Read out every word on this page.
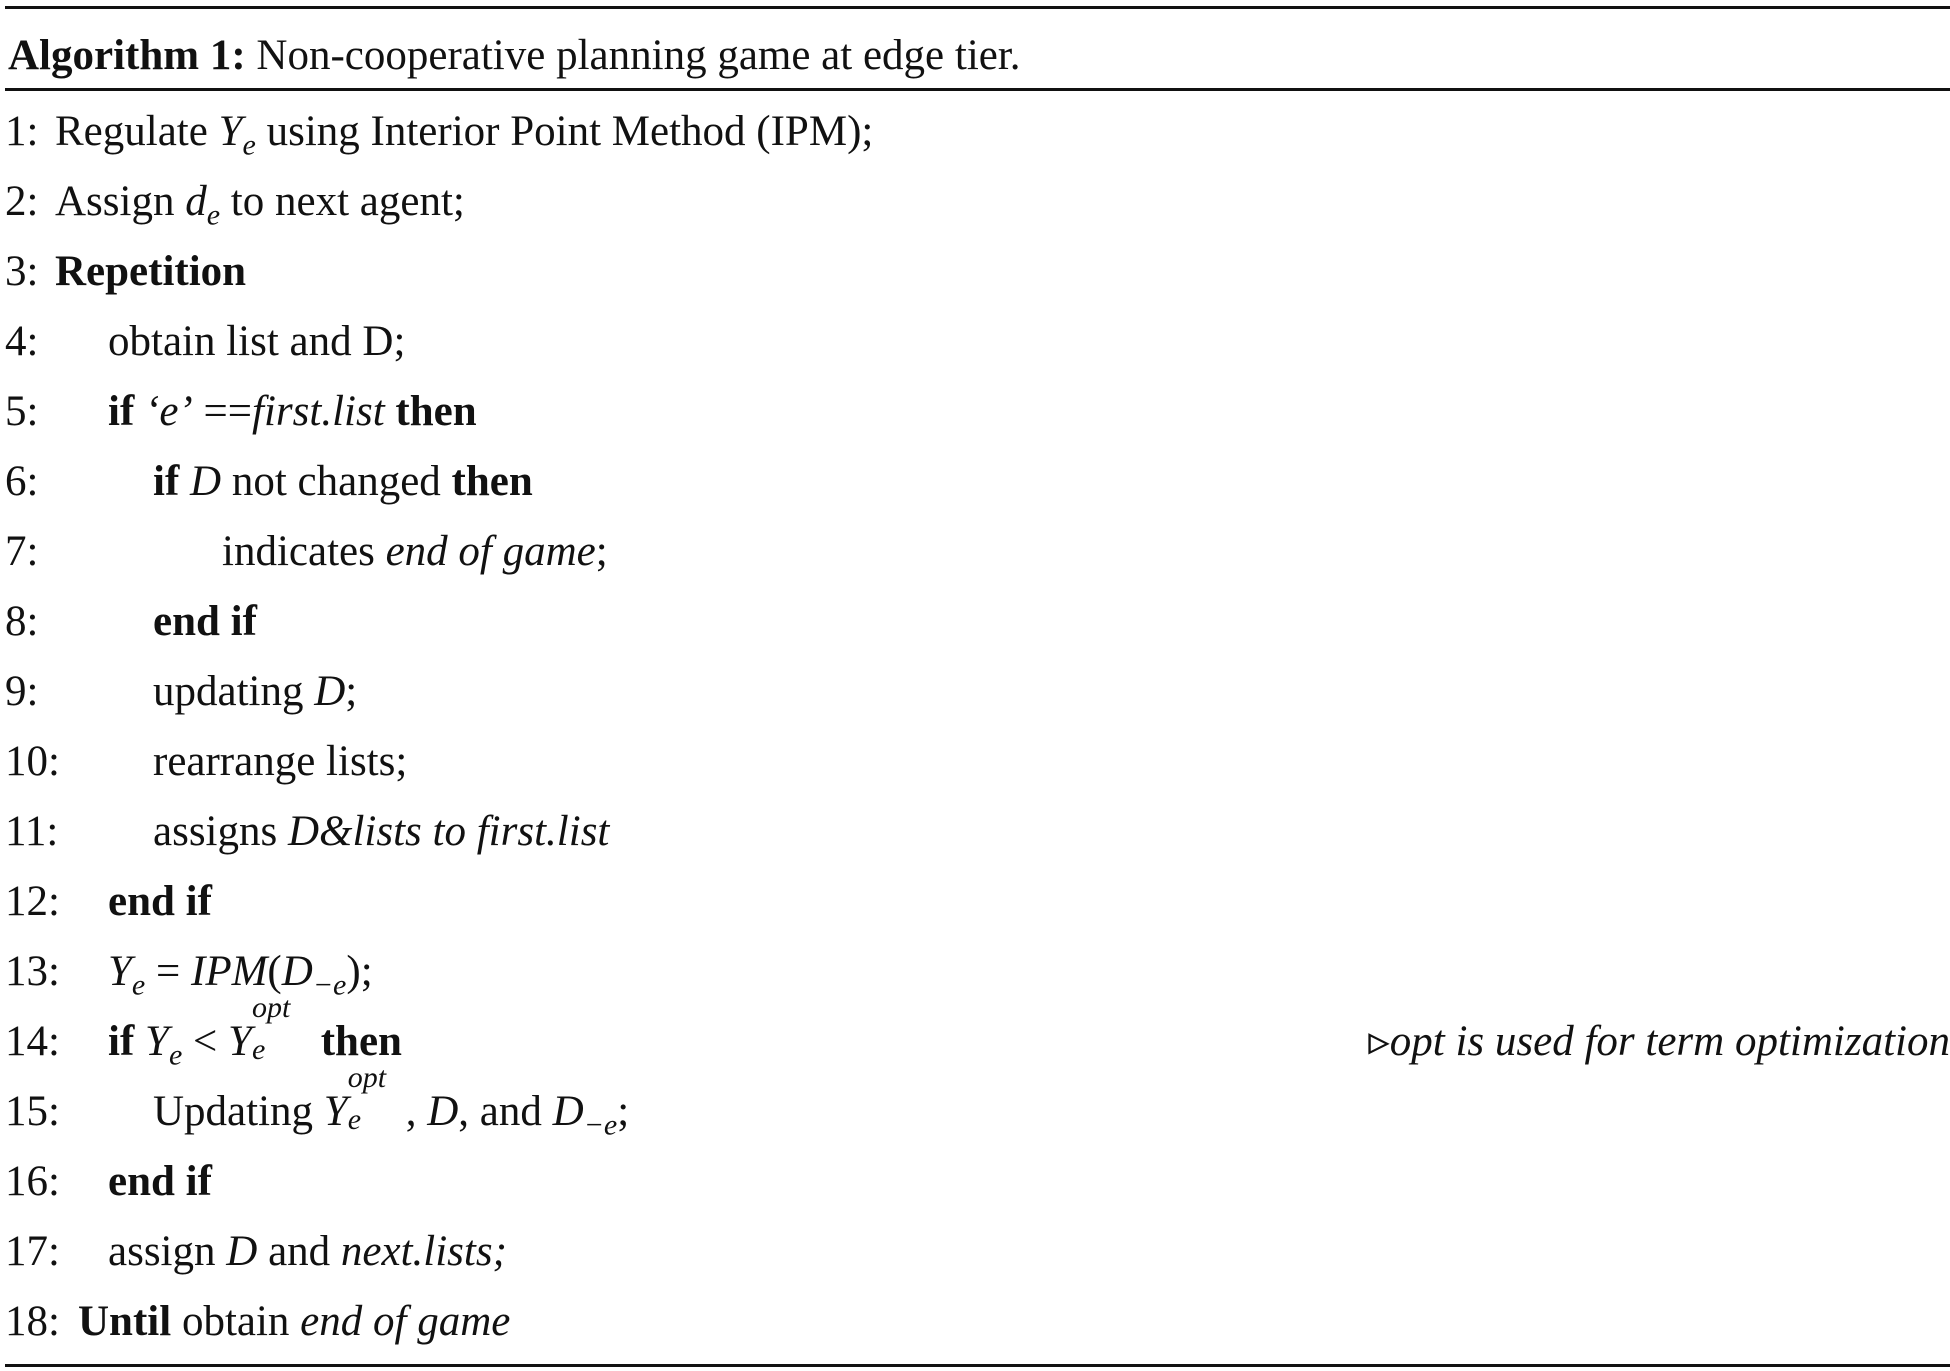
Algorithm 1: Non-cooperative planning game at edge tier.
1: Regulate $Y_e$ using Interior Point Method (IPM);
2: Assign $d_e$ to next agent;
3: Repetition
4: obtain list and D;
5: if ‘e’ ==first.list then
6:	if D not changed then
7:	indicates end of game;
8:	end if
9:	updating D;
10: rearrange lists;
11: assigns D&lists to first.list
12: end if
13: $Y_e = IPM(D_{-e})$;
14: if $Y_e < Y$
opt
e then	▹opt is used for term optimization
15: Updating Y
opt
e , D, and $D_{-e}$;
16: end if
17: assign D and next.lists;
18: Until obtain end of game
